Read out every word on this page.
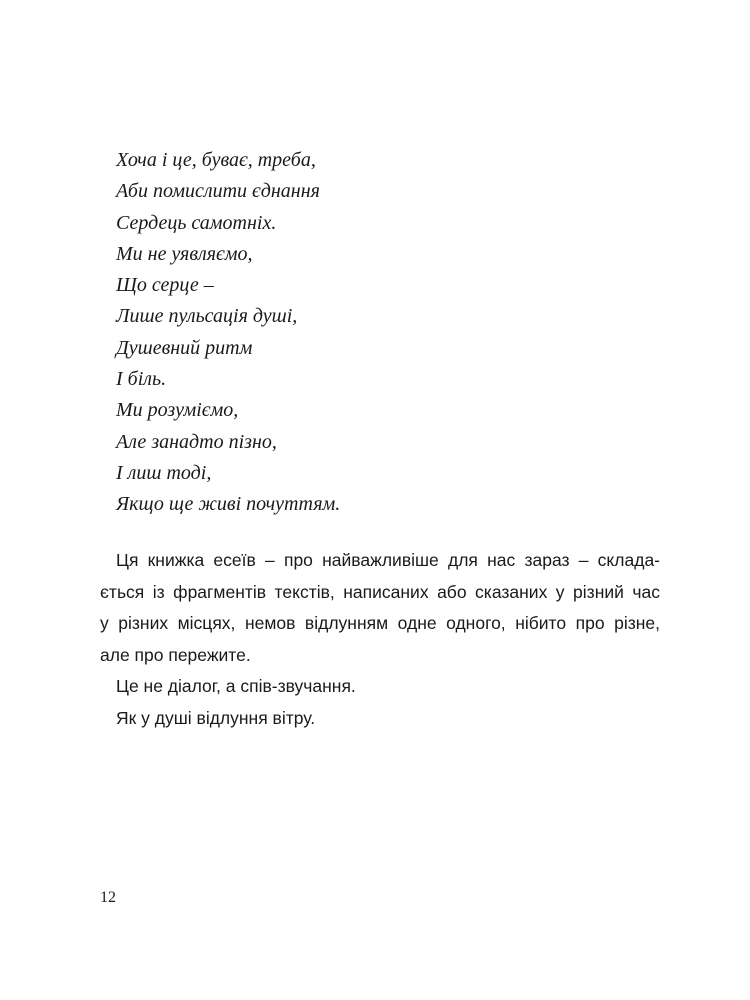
Хоча і це, буває, треба,
Аби помислити єднання
Сердець самотніх.
Ми не уявляємо,
Що серце –
Лише пульсація душі,
Душевний ритм
І біль.
Ми розуміємо,
Але занадто пізно,
І лиш тоді,
Якщо ще живі почуттям.
Ця книжка есеїв – про найважливіше для нас зараз – склада-
ється із фрагментів текстів, написаних або сказаних у різний час
у різних місцях, немов відлунням одне одного, нібито про різне,
але про пережите.
Це не діалог, а спів-звучання.
Як у душі відлуння вітру.
12
